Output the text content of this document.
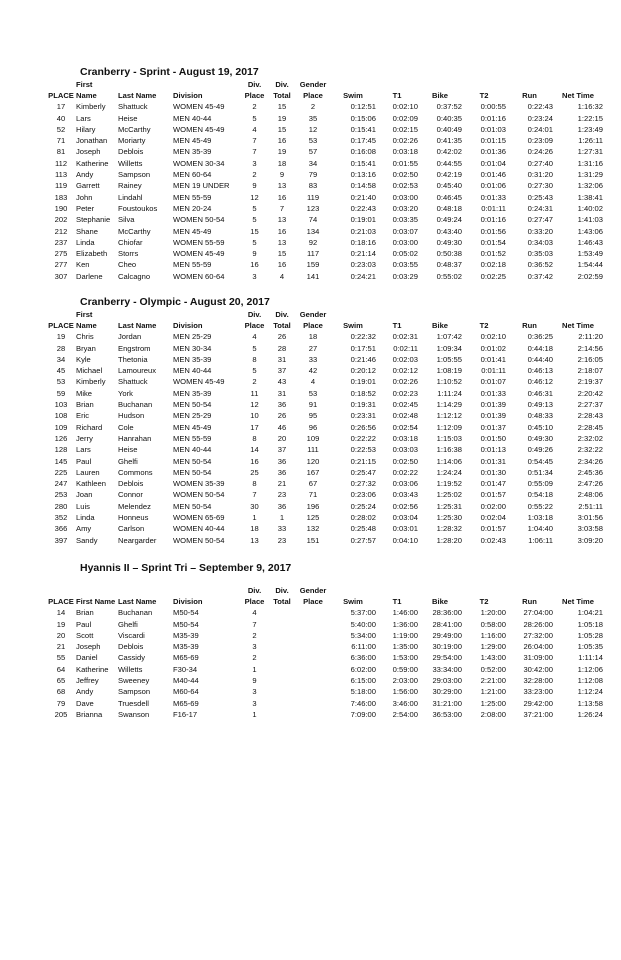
Cranberry - Sprint - August 19, 2017
	First			Div.	Div.	Gender						
PLACE	Name	Last Name	Division	Place	Total	Place	Swim	T1	Bike	T2	Run	Net Time
17	Kimberly	Shattuck	WOMEN 45-49	2	15	2	0:12:51	0:02:10	0:37:52	0:00:55	0:22:43	1:16:32
40	Lars	Heise	MEN 40-44	5	19	35	0:15:06	0:02:09	0:40:35	0:01:16	0:23:24	1:22:15
52	Hilary	McCarthy	WOMEN 45-49	4	15	12	0:15:41	0:02:15	0:40:49	0:01:03	0:24:01	1:23:49
71	Jonathan	Moriarty	MEN 45-49	7	16	53	0:17:45	0:02:26	0:41:35	0:01:15	0:23:09	1:26:11
81	Joseph	Deblois	MEN 35-39	7	19	57	0:16:08	0:03:18	0:42:02	0:01:36	0:24:26	1:27:31
112	Katherine	Willetts	WOMEN 30-34	3	18	34	0:15:41	0:01:55	0:44:55	0:01:04	0:27:40	1:31:16
113	Andy	Sampson	MEN 60-64	2	9	79	0:13:16	0:02:50	0:42:19	0:01:46	0:31:20	1:31:29
119	Garrett	Rainey	MEN 19 UNDER	9	13	83	0:14:58	0:02:53	0:45:40	0:01:06	0:27:30	1:32:06
183	John	Lindahl	MEN 55-59	12	16	119	0:21:40	0:03:00	0:46:45	0:01:33	0:25:43	1:38:41
190	Peter	Foustoukos	MEN 20-24	5	7	123	0:22:43	0:03:20	0:48:18	0:01:11	0:24:31	1:40:02
202	Stephanie	Silva	WOMEN 50-54	5	13	74	0:19:01	0:03:35	0:49:24	0:01:16	0:27:47	1:41:03
212	Shane	McCarthy	MEN 45-49	15	16	134	0:21:03	0:03:07	0:43:40	0:01:56	0:33:20	1:43:06
237	Linda	Chiofar	WOMEN 55-59	5	13	92	0:18:16	0:03:00	0:49:30	0:01:54	0:34:03	1:46:43
275	Elizabeth	Storrs	WOMEN 45-49	9	15	117	0:21:14	0:05:02	0:50:38	0:01:52	0:35:03	1:53:49
277	Ken	Cheo	MEN 55-59	16	16	159	0:23:03	0:03:55	0:48:37	0:02:18	0:36:52	1:54:44
307	Darlene	Calcagno	WOMEN 60-64	3	4	141	0:24:21	0:03:29	0:55:02	0:02:25	0:37:42	2:02:59
Cranberry - Olympic - August 20, 2017
	First			Div.	Div.	Gender						
PLACE	Name	Last Name	Division	Place	Total	Place	Swim	T1	Bike	T2	Run	Net Time
19	Chris	Jordan	MEN 25-29	4	26	18	0:22:32	0:02:31	1:07:42	0:02:10	0:36:25	2:11:20
28	Bryan	Engstrom	MEN 30-34	5	28	27	0:17:51	0:02:11	1:09:34	0:01:02	0:44:18	2:14:56
34	Kyle	Thetonia	MEN 35-39	8	31	33	0:21:46	0:02:03	1:05:55	0:01:41	0:44:40	2:16:05
45	Michael	Lamoureux	MEN 40-44	5	37	42	0:20:12	0:02:12	1:08:19	0:01:11	0:46:13	2:18:07
53	Kimberly	Shattuck	WOMEN 45-49	2	43	4	0:19:01	0:02:26	1:10:52	0:01:07	0:46:12	2:19:37
59	Mike	York	MEN 35-39	11	31	53	0:18:52	0:02:23	1:11:24	0:01:33	0:46:31	2:20:42
103	Brian	Buchanan	MEN 50-54	12	36	91	0:19:31	0:02:45	1:14:29	0:01:39	0:49:13	2:27:37
108	Eric	Hudson	MEN 25-29	10	26	95	0:23:31	0:02:48	1:12:12	0:01:39	0:48:33	2:28:43
109	Richard	Cole	MEN 45-49	17	46	96	0:26:56	0:02:54	1:12:09	0:01:37	0:45:10	2:28:45
126	Jerry	Hanrahan	MEN 55-59	8	20	109	0:22:22	0:03:18	1:15:03	0:01:50	0:49:30	2:32:02
128	Lars	Heise	MEN 40-44	14	37	111	0:22:53	0:03:03	1:16:38	0:01:13	0:49:26	2:32:22
145	Paul	Ghelfi	MEN 50-54	16	36	120	0:21:15	0:02:50	1:14:06	0:01:31	0:54:45	2:34:26
225	Lauren	Commons	MEN 50-54	25	36	167	0:25:47	0:02:22	1:24:24	0:01:30	0:51:34	2:45:36
247	Kathleen	Deblois	WOMEN 35-39	8	21	67	0:27:32	0:03:06	1:19:52	0:01:47	0:55:09	2:47:26
253	Joan	Connor	WOMEN 50-54	7	23	71	0:23:06	0:03:43	1:25:02	0:01:57	0:54:18	2:48:06
280	Luis	Melendez	MEN 50-54	30	36	196	0:25:24	0:02:56	1:25:31	0:02:00	0:55:22	2:51:11
352	Linda	Honneus	WOMEN 65-69	1	1	125	0:28:02	0:03:04	1:25:30	0:02:04	1:03:18	3:01:56
366	Amy	Carlson	WOMEN 40-44	18	33	132	0:25:48	0:03:01	1:28:32	0:01:57	1:04:40	3:03:58
397	Sandy	Neargarder	WOMEN 50-54	13	23	151	0:27:57	0:04:10	1:28:20	0:02:43	1:06:11	3:09:20
Hyannis II – Sprint Tri – September 9, 2017
				Div.	Div.	Gender						
PLACE	First Name	Last Name	Division	Place	Total	Place	Swim	T1	Bike	T2	Run	Net Time
14	Brian	Buchanan	M50-54	4			5:37:00	1:46:00	28:36:00	1:20:00	27:04:00	1:04:21
19	Paul	Ghelfi	M50-54	7			5:40:00	1:36:00	28:41:00	0:58:00	28:26:00	1:05:18
20	Scott	Viscardi	M35-39	2			5:34:00	1:19:00	29:49:00	1:16:00	27:32:00	1:05:28
21	Joseph	Deblois	M35-39	3			6:11:00	1:35:00	30:19:00	1:29:00	26:04:00	1:05:35
55	Daniel	Cassidy	M65-69	2			6:36:00	1:53:00	29:54:00	1:43:00	31:09:00	1:11:14
64	Katherine	Willetts	F30-34	1			6:02:00	0:59:00	33:34:00	0:52:00	30:42:00	1:12:06
65	Jeffrey	Sweeney	M40-44	9			6:15:00	2:03:00	29:03:00	2:21:00	32:28:00	1:12:08
68	Andy	Sampson	M60-64	3			5:18:00	1:56:00	30:29:00	1:21:00	33:23:00	1:12:24
79	Dave	Truesdell	M65-69	3			7:46:00	3:46:00	31:21:00	1:25:00	29:42:00	1:13:58
205	Brianna	Swanson	F16-17	1			7:09:00	2:54:00	36:53:00	2:08:00	37:21:00	1:26:24
